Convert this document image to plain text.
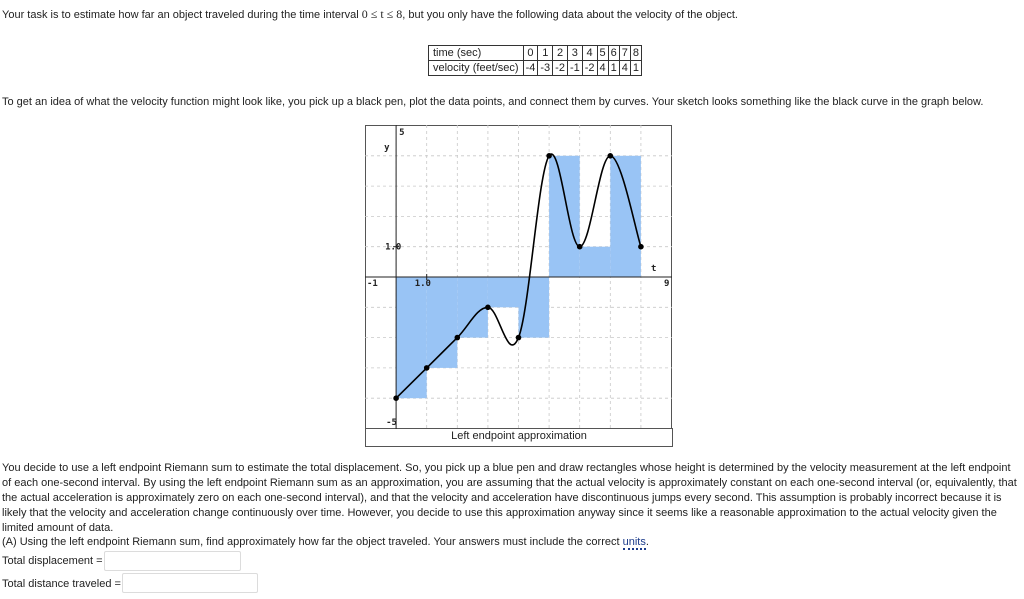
Your task is to estimate how far an object traveled during the time interval 0 ≤ t ≤ 8, but you only have the following data about the velocity of the object.
time (sec)	0	1	2	3	4	5	6	7	8
velocity (feet/sec)	-4	-3	-2	-1	-2	4	1	4	1
To get an idea of what the velocity function might look like, you pick up a black pen, plot the data points, and connect them by curves. Your sketch looks something like the black curve in the graph below.
5
-5
-1	9
1.0
1.0
y
t
Left endpoint approximation
You decide to use a left endpoint Riemann sum to estimate the total displacement. So, you pick up a blue pen and draw rectangles whose height is determined by the velocity measurement at the left endpoint of each one-second interval. By using the left endpoint Riemann sum as an approximation, you are assuming that the actual velocity is approximately constant on each one-second interval (or, equivalently, that the actual acceleration is approximately zero on each one-second interval), and that the velocity and acceleration have discontinuous jumps every second. This assumption is probably incorrect because it is likely that the velocity and acceleration change continuously over time. However, you decide to use this approximation anyway since it seems like a reasonable approximation to the actual velocity given the limited amount of data.
(A) Using the left endpoint Riemann sum, find approximately how far the object traveled. Your answers must include the correct units.
Total displacement =
Total distance traveled =
